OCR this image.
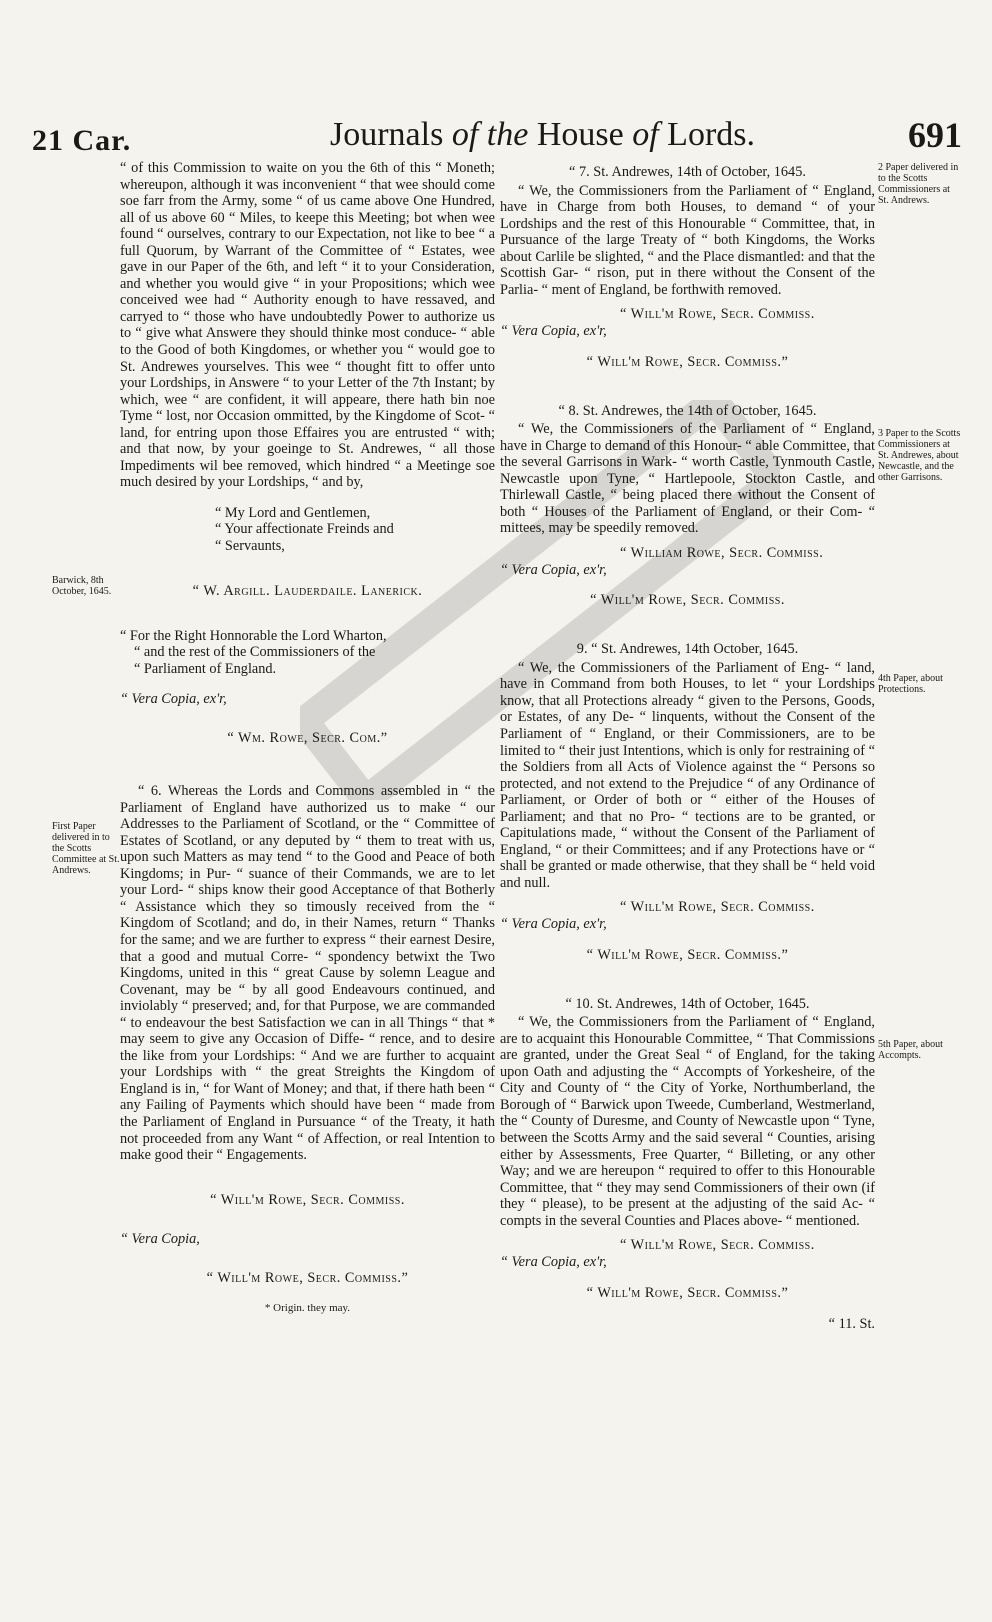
21 Car.	Journals of the House of Lords.	691
Barwick, 8th October, 1645.
First Paper delivered in to the Scotts Committee at St. Andrews.
2 Paper delivered in to the Scotts Commissioners at St. Andrews.
3 Paper to the Scotts Commissioners at St. Andrewes, about Newcastle, and the other Garrisons.
4th Paper, about Protections.
5th Paper, about Accompts.

“ of this Commission to waite on you the 6th of this “ Moneth; whereupon, although it was inconvenient “ that wee should come soe farr from the Army, some “ of us came above One Hundred, all of us above 60 “ Miles, to keepe this Meeting; bot when wee found “ ourselves, contrary to our Expectation, not like to bee “ a full Quorum, by Warrant of the Committee of “ Estates, wee gave in our Paper of the 6th, and left “ it to your Consideration, and whether you would give “ in your Propositions; which wee conceived wee had “ Authority enough to have ressaved, and carryed to “ those who have undoubtedly Power to authorize us to “ give what Answere they should thinke most conduce- “ able to the Good of both Kingdomes, or whether you “ would goe to St. Andrewes yourselves. This wee “ thought fitt to offer unto your Lordships, in Answere “ to your Letter of the 7th Instant; by which, wee “ are confident, it will appeare, there hath bin noe Tyme “ lost, nor Occasion ommitted, by the Kingdome of Scot- “ land, for entring upon those Effaires you are entrusted “ with; and that now, by your goeinge to St. Andrewes, “ all those Impediments wil bee removed, which hindred “ a Meetinge soe much desired by your Lordships, “ and by,

“ My Lord and Gentlemen,

“ Your affectionate Freinds and

“ Servaunts,

“ W. Argill. Lauderdaile. Lanerick.

“ For the Right Honnorable the Lord Wharton,

“ and the rest of the Commissioners of the

“ Parliament of England.

“ Vera Copia, ex'r,

“ Wm. Rowe, Secr. Com.”

“ 6. Whereas the Lords and Commons assembled in “ the Parliament of England have authorized us to make “ our Addresses to the Parliament of Scotland, or the “ Committee of Estates of Scotland, or any deputed by “ them to treat with us, upon such Matters as may tend “ to the Good and Peace of both Kingdoms; in Pur- “ suance of their Commands, we are to let your Lord- “ ships know their good Acceptance of that Botherly “ Assistance which they so timously received from the “ Kingdom of Scotland; and do, in their Names, return “ Thanks for the same; and we are further to express “ their earnest Desire, that a good and mutual Corre- “ spondency betwixt the Two Kingdoms, united in this “ great Cause by solemn League and Covenant, may be “ by all good Endeavours continued, and inviolably “ preserved; and, for that Purpose, we are commanded “ to endeavour the best Satisfaction we can in all Things “ that * may seem to give any Occasion of Diffe- “ rence, and to desire the like from your Lordships: “ And we are further to acquaint your Lordships with “ the great Streights the Kingdom of England is in, “ for Want of Money; and that, if there hath been “ any Failing of Payments which should have been “ made from the Parliament of England in Pursuance “ of the Treaty, it hath not proceeded from any Want “ of Affection, or real Intention to make good their “ Engagements.

“ Will'm Rowe, Secr. Commiss.

“ Vera Copia,

“ Will'm Rowe, Secr. Commiss.”

* Origin. they may.

“ 7. St. Andrewes, 14th of October, 1645.

“ We, the Commissioners from the Parliament of “ England, have in Charge from both Houses, to demand “ of your Lordships and the rest of this Honourable “ Committee, that, in Pursuance of the large Treaty of “ both Kingdoms, the Works about Carlile be slighted, “ and the Place dismantled: and that the Scottish Gar- “ rison, put in there without the Consent of the Parlia- “ ment of England, be forthwith removed.

“ Will'm Rowe, Secr. Commiss.

“ Vera Copia, ex'r,

“ Will'm Rowe, Secr. Commiss.”

“ 8. St. Andrewes, the 14th of October, 1645.

“ We, the Commissioners of the Parliament of “ England, have in Charge to demand of this Honour- “ able Committee, that the several Garrisons in Wark- “ worth Castle, Tynmouth Castle, Newcastle upon Tyne, “ Hartlepoole, Stockton Castle, and Thirlewall Castle, “ being placed there without the Consent of both “ Houses of the Parliament of England, or their Com- “ mittees, may be speedily removed.

“ William Rowe, Secr. Commiss.

“ Vera Copia, ex'r,

“ Will'm Rowe, Secr. Commiss.

9. “ St. Andrewes, 14th October, 1645.

“ We, the Commissioners of the Parliament of Eng- “ land, have in Command from both Houses, to let “ your Lordships know, that all Protections already “ given to the Persons, Goods, or Estates, of any De- “ linquents, without the Consent of the Parliament of “ England, or their Commissioners, are to be limited to “ their just Intentions, which is only for restraining of “ the Soldiers from all Acts of Violence against the “ Persons so protected, and not extend to the Prejudice “ of any Ordinance of Parliament, or Order of both or “ either of the Houses of Parliament; and that no Pro- “ tections are to be granted, or Capitulations made, “ without the Consent of the Parliament of England, “ or their Committees; and if any Protections have or “ shall be granted or made otherwise, that they shall be “ held void and null.

“ Will'm Rowe, Secr. Commiss.

“ Vera Copia, ex'r,

“ Will'm Rowe, Secr. Commiss.”

“ 10. St. Andrewes, 14th of October, 1645.

“ We, the Commissioners from the Parliament of “ England, are to acquaint this Honourable Committee, “ That Commissions are granted, under the Great Seal “ of England, for the taking upon Oath and adjusting the “ Accompts of Yorkesheire, of the City and County of “ the City of Yorke, Northumberland, the Borough of “ Barwick upon Tweede, Cumberland, Westmerland, the “ County of Duresme, and County of Newcastle upon “ Tyne, between the Scotts Army and the said several “ Counties, arising either by Assessments, Free Quarter, “ Billeting, or any other Way; and we are hereupon “ required to offer to this Honourable Committee, that “ they may send Commissioners of their own (if they “ please), to be present at the adjusting of the said Ac- “ compts in the several Counties and Places above- “ mentioned.

“ Will'm Rowe, Secr. Commiss.

“ Vera Copia, ex'r,

“ Will'm Rowe, Secr. Commiss.”

“ 11. St.
